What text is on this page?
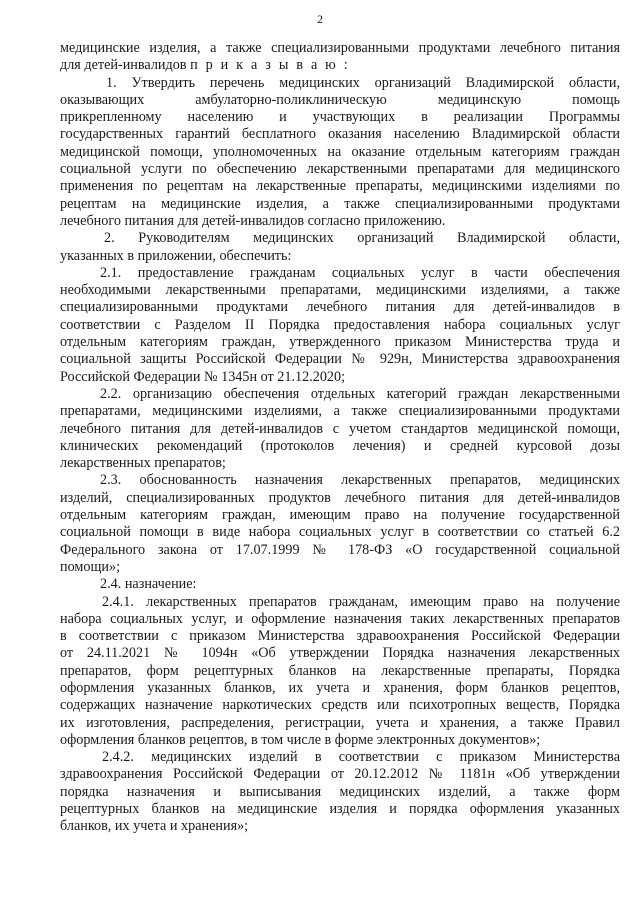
2
медицинские изделия, а также специализированными продуктами лечебного питания
для детей-инвалидов п р и к а з ы в а ю :
1. Утвердить перечень медицинских организаций Владимирской области,
оказывающих амбулаторно-поликлиническую медицинскую помощь
прикрепленному населению и участвующих в реализации Программы
государственных гарантий бесплатного оказания населению Владимирской области
медицинской помощи, уполномоченных на оказание отдельным категориям граждан
социальной услуги по обеспечению лекарственными препаратами для медицинского
применения по рецептам на лекарственные препараты, медицинскими изделиями по
рецептам на медицинские изделия, а также специализированными продуктами
лечебного питания для детей-инвалидов согласно приложению.
2. Руководителям медицинских организаций Владимирской области,
указанных в приложении, обеспечить:
2.1. предоставление гражданам социальных услуг в части обеспечения
необходимыми лекарственными препаратами, медицинскими изделиями, а также
специализированными продуктами лечебного питания для детей-инвалидов в
соответствии с Разделом II Порядка предоставления набора социальных услуг
отдельным категориям граждан, утвержденного приказом Министерства труда и
социальной защиты Российской Федерации № 929н, Министерства здравоохранения
Российской Федерации № 1345н от 21.12.2020;
2.2. организацию обеспечения отдельных категорий граждан лекарственными
препаратами, медицинскими изделиями, а также специализированными продуктами
лечебного питания для детей-инвалидов с учетом стандартов медицинской помощи,
клинических рекомендаций (протоколов лечения) и средней курсовой дозы
лекарственных препаратов;
2.3. обоснованность назначения лекарственных препаратов, медицинских
изделий, специализированных продуктов лечебного питания для детей-инвалидов
отдельным категориям граждан, имеющим право на получение государственной
социальной помощи в виде набора социальных услуг в соответствии со статьей 6.2
Федерального закона от 17.07.1999 № 178-ФЗ «О государственной социальной
помощи»;
2.4. назначение:
2.4.1. лекарственных препаратов гражданам, имеющим право на получение
набора социальных услуг, и оформление назначения таких лекарственных препаратов
в соответствии с приказом Министерства здравоохранения Российской Федерации
от 24.11.2021 № 1094н «Об утверждении Порядка назначения лекарственных
препаратов, форм рецептурных бланков на лекарственные препараты, Порядка
оформления указанных бланков, их учета и хранения, форм бланков рецептов,
содержащих назначение наркотических средств или психотропных веществ, Порядка
их изготовления, распределения, регистрации, учета и хранения, а также Правил
оформления бланков рецептов, в том числе в форме электронных документов»;
2.4.2. медицинских изделий в соответствии с приказом Министерства
здравоохранения Российской Федерации от 20.12.2012 № 1181н «Об утверждении
порядка назначения и выписывания медицинских изделий, а также форм
рецептурных бланков на медицинские изделия и порядка оформления указанных
бланков, их учета и хранения»;
